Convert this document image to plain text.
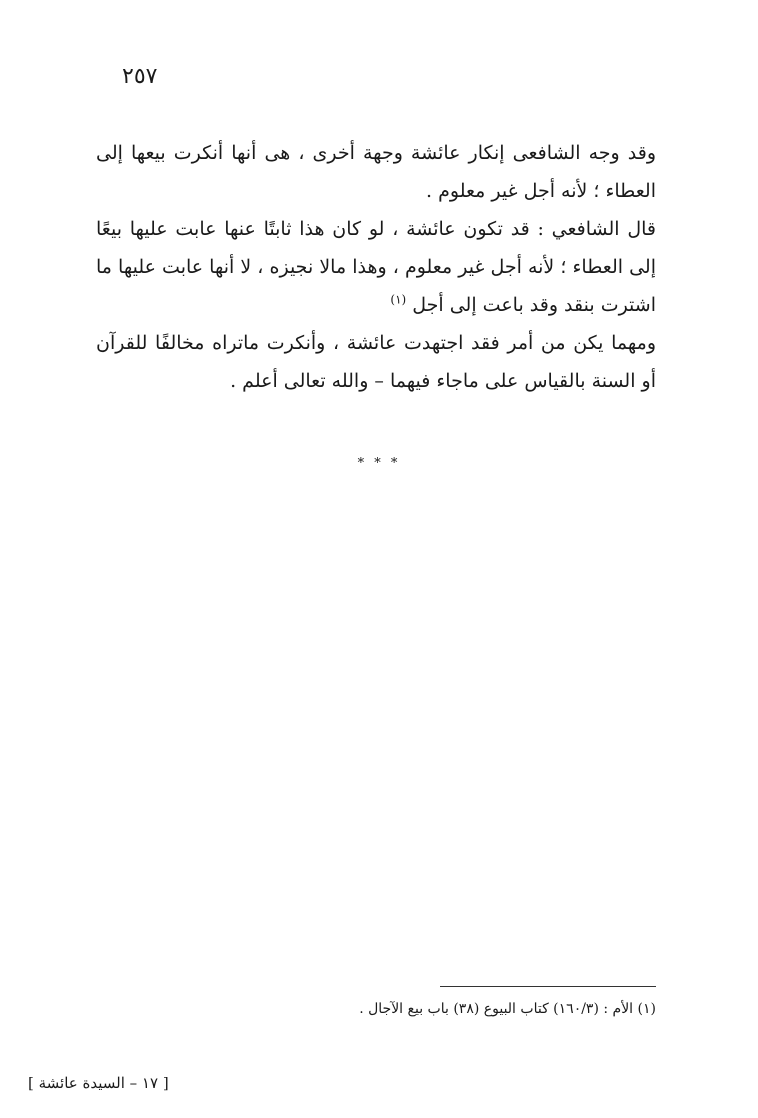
٢٥٧

وقد وجه الشافعى إنكار عائشة وجهة أخرى ، هى أنها أنكرت بيعها إلى العطاء ؛ لأنه أجل غير معلوم .

قال الشافعي : قد تكون عائشة ، لو كان هذا ثابتًا عنها عابت عليها بيعًا إلى العطاء ؛ لأنه أجل غير معلوم ، وهذا مالا نجيزه ، لا أنها عابت عليها ما اشترت بنقد وقد باعت إلى أجل $^{(١)}$

ومهما يكن من أمر فقد اجتهدت عائشة ، وأنكرت ماتراه مخالفًا للقرآن أو السنة بالقياس على ماجاء فيهما – والله تعالى أعلم .

* * *
(١) الأم : (١٦٠/٣) كتاب البيوع (٣٨) باب بيع الآجال .
[ ١٧ – السيدة عائشة ]
